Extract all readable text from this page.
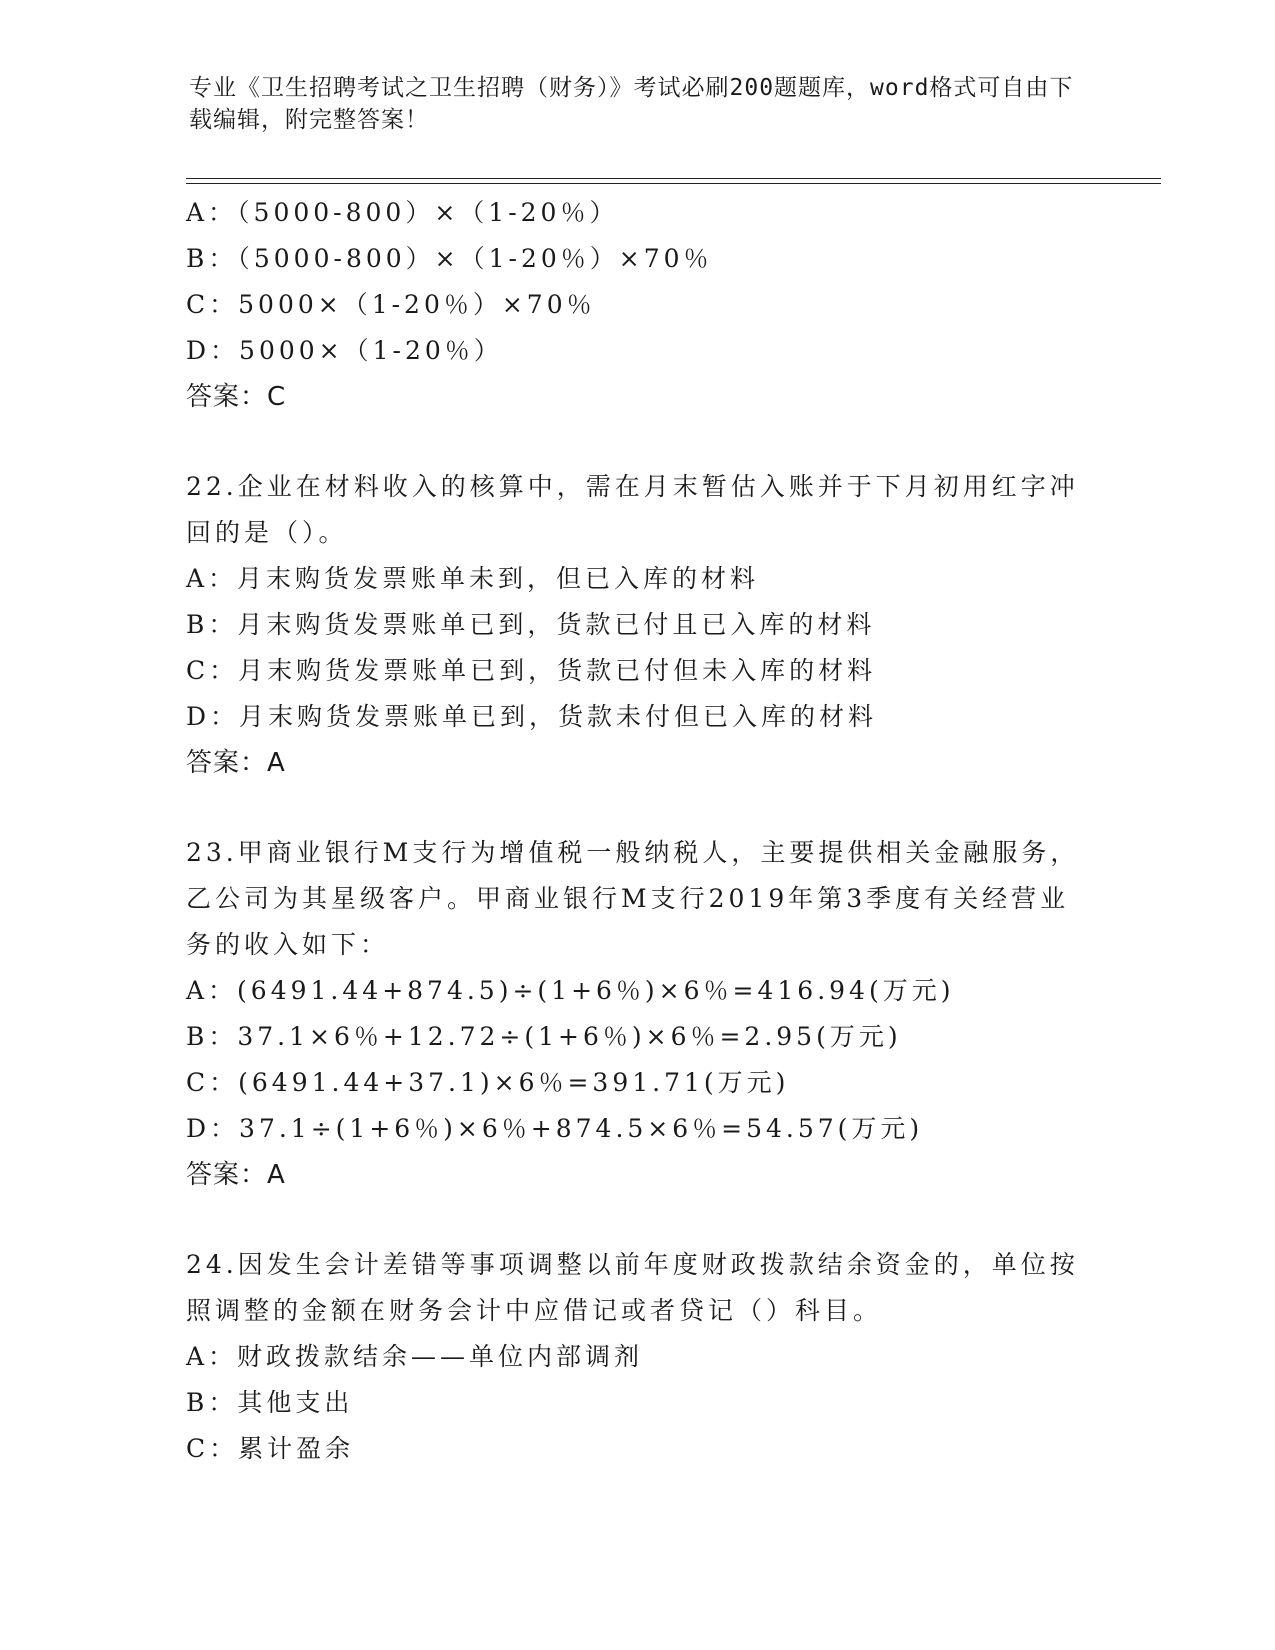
专业《卫生招聘考试之卫生招聘（财务）》考试必刷200题题库，word格式可自由下载编辑，附完整答案！
A：（5000-800）×（1-20％）
B：（5000-800）×（1-20％）×70％
C：5000×（1-20％）×70％
D：5000×（1-20％）
答案：C
22.企业在材料收入的核算中，需在月末暂估入账并于下月初用红字冲
回的是（）。
A：月末购货发票账单未到，但已入库的材料
B：月末购货发票账单已到，货款已付且已入库的材料
C：月末购货发票账单已到，货款已付但未入库的材料
D：月末购货发票账单已到，货款未付但已入库的材料
答案：A
23.甲商业银行M支行为增值税一般纳税人，主要提供相关金融服务，
乙公司为其星级客户。甲商业银行M支行2019年第3季度有关经营业
务的收入如下：
A：(6491.44+874.5)÷(1+6％)×6％=416.94(万元)
B：37.1×6％+12.72÷(1+6％)×6％=2.95(万元)
C：(6491.44+37.1)×6％=391.71(万元)
D：37.1÷(1+6％)×6％+874.5×6％=54.57(万元)
答案：A
24.因发生会计差错等事项调整以前年度财政拨款结余资金的，单位按
照调整的金额在财务会计中应借记或者贷记（）科目。
A：财政拨款结余——单位内部调剂
B：其他支出
C：累计盈余
